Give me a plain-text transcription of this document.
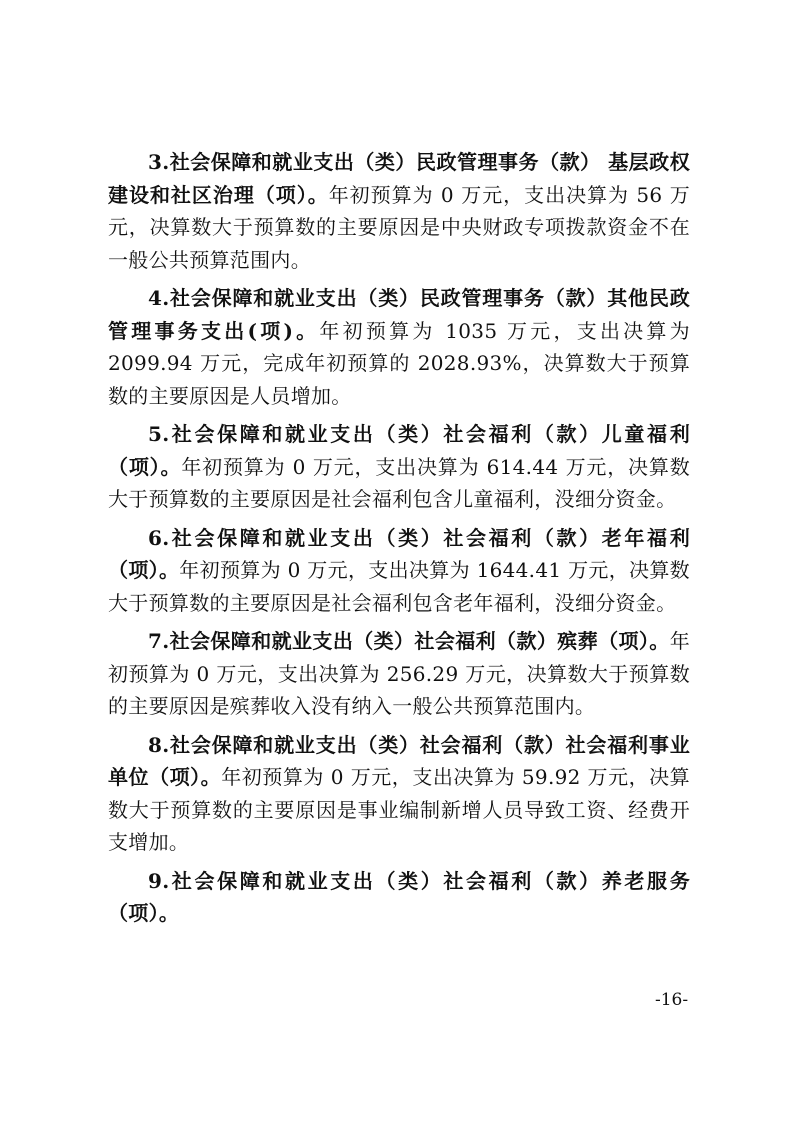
3.社会保障和就业支出（类）民政管理事务（款） 基层政权建设和社区治理（项）。年初预算为 0 万元，支出决算为 56 万元，决算数大于预算数的主要原因是中央财政专项拨款资金不在一般公共预算范围内。

4.社会保障和就业支出（类）民政管理事务（款）其他民政管理事务支出(项)。年初预算为 1035 万元，支出决算为 2099.94 万元，完成年初预算的 2028.93%，决算数大于预算数的主要原因是人员增加。

5.社会保障和就业支出（类）社会福利（款）儿童福利（项）。年初预算为 0 万元，支出决算为 614.44 万元，决算数大于预算数的主要原因是社会福利包含儿童福利，没细分资金。

6.社会保障和就业支出（类）社会福利（款）老年福利（项）。年初预算为 0 万元，支出决算为 1644.41 万元，决算数大于预算数的主要原因是社会福利包含老年福利，没细分资金。

7.社会保障和就业支出（类）社会福利（款）殡葬（项）。年初预算为 0 万元，支出决算为 256.29 万元，决算数大于预算数的主要原因是殡葬收入没有纳入一般公共预算范围内。

8.社会保障和就业支出（类）社会福利（款）社会福利事业单位（项）。年初预算为 0 万元，支出决算为 59.92 万元，决算数大于预算数的主要原因是事业编制新增人员导致工资、经费开支增加。

9.社会保障和就业支出（类）社会福利（款）养老服务（项）。

-16-
